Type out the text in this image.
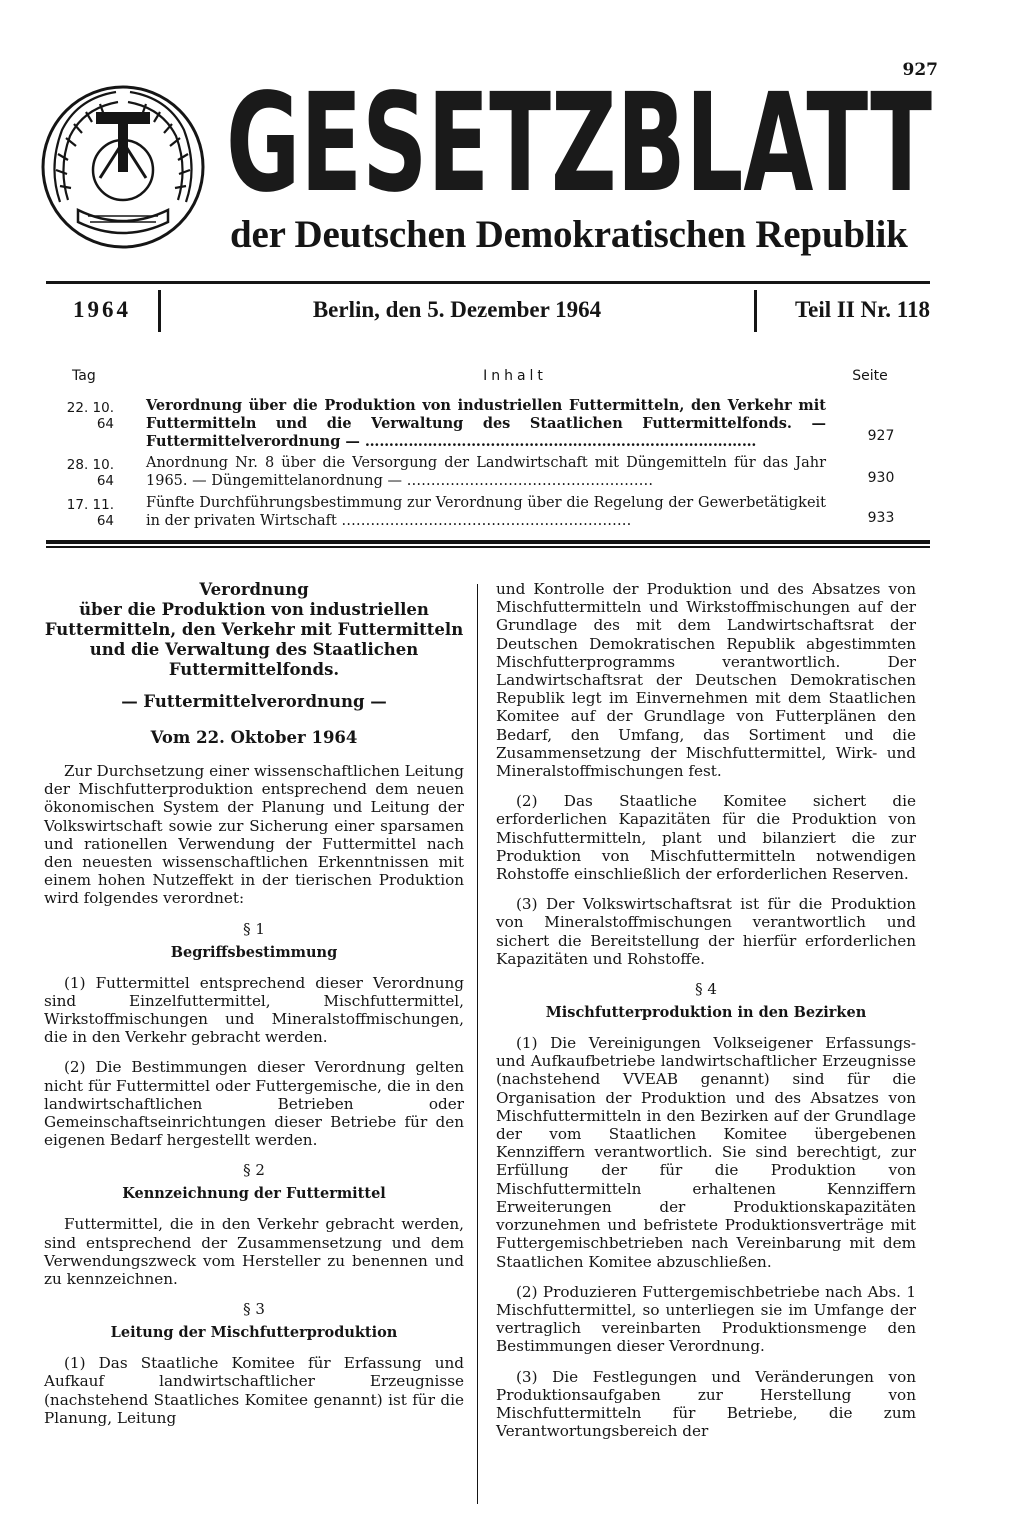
927
GESETZBLATT
der Deutschen Demokratischen Republik
1964	Berlin, den 5. Dezember 1964	Teil II Nr. 118
Tag	Inhalt	Seite
22. 10. 64
Verordnung über die Produktion von industriellen Futtermitteln, den Verkehr mit Futtermitteln und die Verwaltung des Staatlichen Futtermittelfonds. — Futtermittelverordnung — ………………………………………………………………………	927
28. 10. 64
Anordnung Nr. 8 über die Versorgung der Landwirtschaft mit Düngemitteln für das Jahr 1965. — Düngemittelanordnung — ……………………………………………	930
17. 11. 64
Fünfte Durchführungsbestimmung zur Verordnung über die Regelung der Gewerbetätigkeit in der privaten Wirtschaft ……………………………………………………	933
Verordnung
über die Produktion von industriellen Futtermitteln, den Verkehr mit Futtermitteln und die Verwaltung des Staatlichen Futtermittelfonds.
— Futtermittelverordnung —
Vom 22. Oktober 1964

Zur Durchsetzung einer wissenschaftlichen Leitung der Mischfutterproduktion entsprechend dem neuen ökonomischen System der Planung und Leitung der Volkswirtschaft sowie zur Sicherung einer sparsamen und rationellen Verwendung der Futtermittel nach den neuesten wissenschaftlichen Erkenntnissen mit einem hohen Nutzeffekt in der tierischen Produktion wird folgendes verordnet:

§ 1
Begriffsbestimmung

(1) Futtermittel entsprechend dieser Verordnung sind Einzelfuttermittel, Mischfuttermittel, Wirkstoffmischungen und Mineralstoffmischungen, die in den Verkehr gebracht werden.

(2) Die Bestimmungen dieser Verordnung gelten nicht für Futtermittel oder Futtergemische, die in den landwirtschaftlichen Betrieben oder Gemeinschaftseinrichtungen dieser Betriebe für den eigenen Bedarf hergestellt werden.

§ 2
Kennzeichnung der Futtermittel

Futtermittel, die in den Verkehr gebracht werden, sind entsprechend der Zusammensetzung und dem Verwendungszweck vom Hersteller zu benennen und zu kennzeichnen.

§ 3
Leitung der Mischfutterproduktion

(1) Das Staatliche Komitee für Erfassung und Aufkauf landwirtschaftlicher Erzeugnisse (nachstehend Staatliches Komitee genannt) ist für die Planung, Leitung

und Kontrolle der Produktion und des Absatzes von Mischfuttermitteln und Wirkstoffmischungen auf der Grundlage des mit dem Landwirtschaftsrat der Deutschen Demokratischen Republik abgestimmten Mischfutterprogramms verantwortlich. Der Landwirtschaftsrat der Deutschen Demokratischen Republik legt im Einvernehmen mit dem Staatlichen Komitee auf der Grundlage von Futterplänen den Bedarf, den Umfang, das Sortiment und die Zusammensetzung der Mischfuttermittel, Wirk- und Mineralstoffmischungen fest.

(2) Das Staatliche Komitee sichert die erforderlichen Kapazitäten für die Produktion von Mischfuttermitteln, plant und bilanziert die zur Produktion von Mischfuttermitteln notwendigen Rohstoffe einschließlich der erforderlichen Reserven.

(3) Der Volkswirtschaftsrat ist für die Produktion von Mineralstoffmischungen verantwortlich und sichert die Bereitstellung der hierfür erforderlichen Kapazitäten und Rohstoffe.

§ 4
Mischfutterproduktion in den Bezirken

(1) Die Vereinigungen Volkseigener Erfassungs- und Aufkaufbetriebe landwirtschaftlicher Erzeugnisse (nachstehend VVEAB genannt) sind für die Organisation der Produktion und des Absatzes von Mischfuttermitteln in den Bezirken auf der Grundlage der vom Staatlichen Komitee übergebenen Kennziffern verantwortlich. Sie sind berechtigt, zur Erfüllung der für die Produktion von Mischfuttermitteln erhaltenen Kennziffern Erweiterungen der Produktionskapazitäten vorzunehmen und befristete Produktionsverträge mit Futtergemischbetrieben nach Vereinbarung mit dem Staatlichen Komitee abzuschließen.

(2) Produzieren Futtergemischbetriebe nach Abs. 1 Mischfuttermittel, so unterliegen sie im Umfange der vertraglich vereinbarten Produktionsmenge den Bestimmungen dieser Verordnung.

(3) Die Festlegungen und Veränderungen von Produktionsaufgaben zur Herstellung von Mischfuttermitteln für Betriebe, die zum Verantwortungsbereich der
